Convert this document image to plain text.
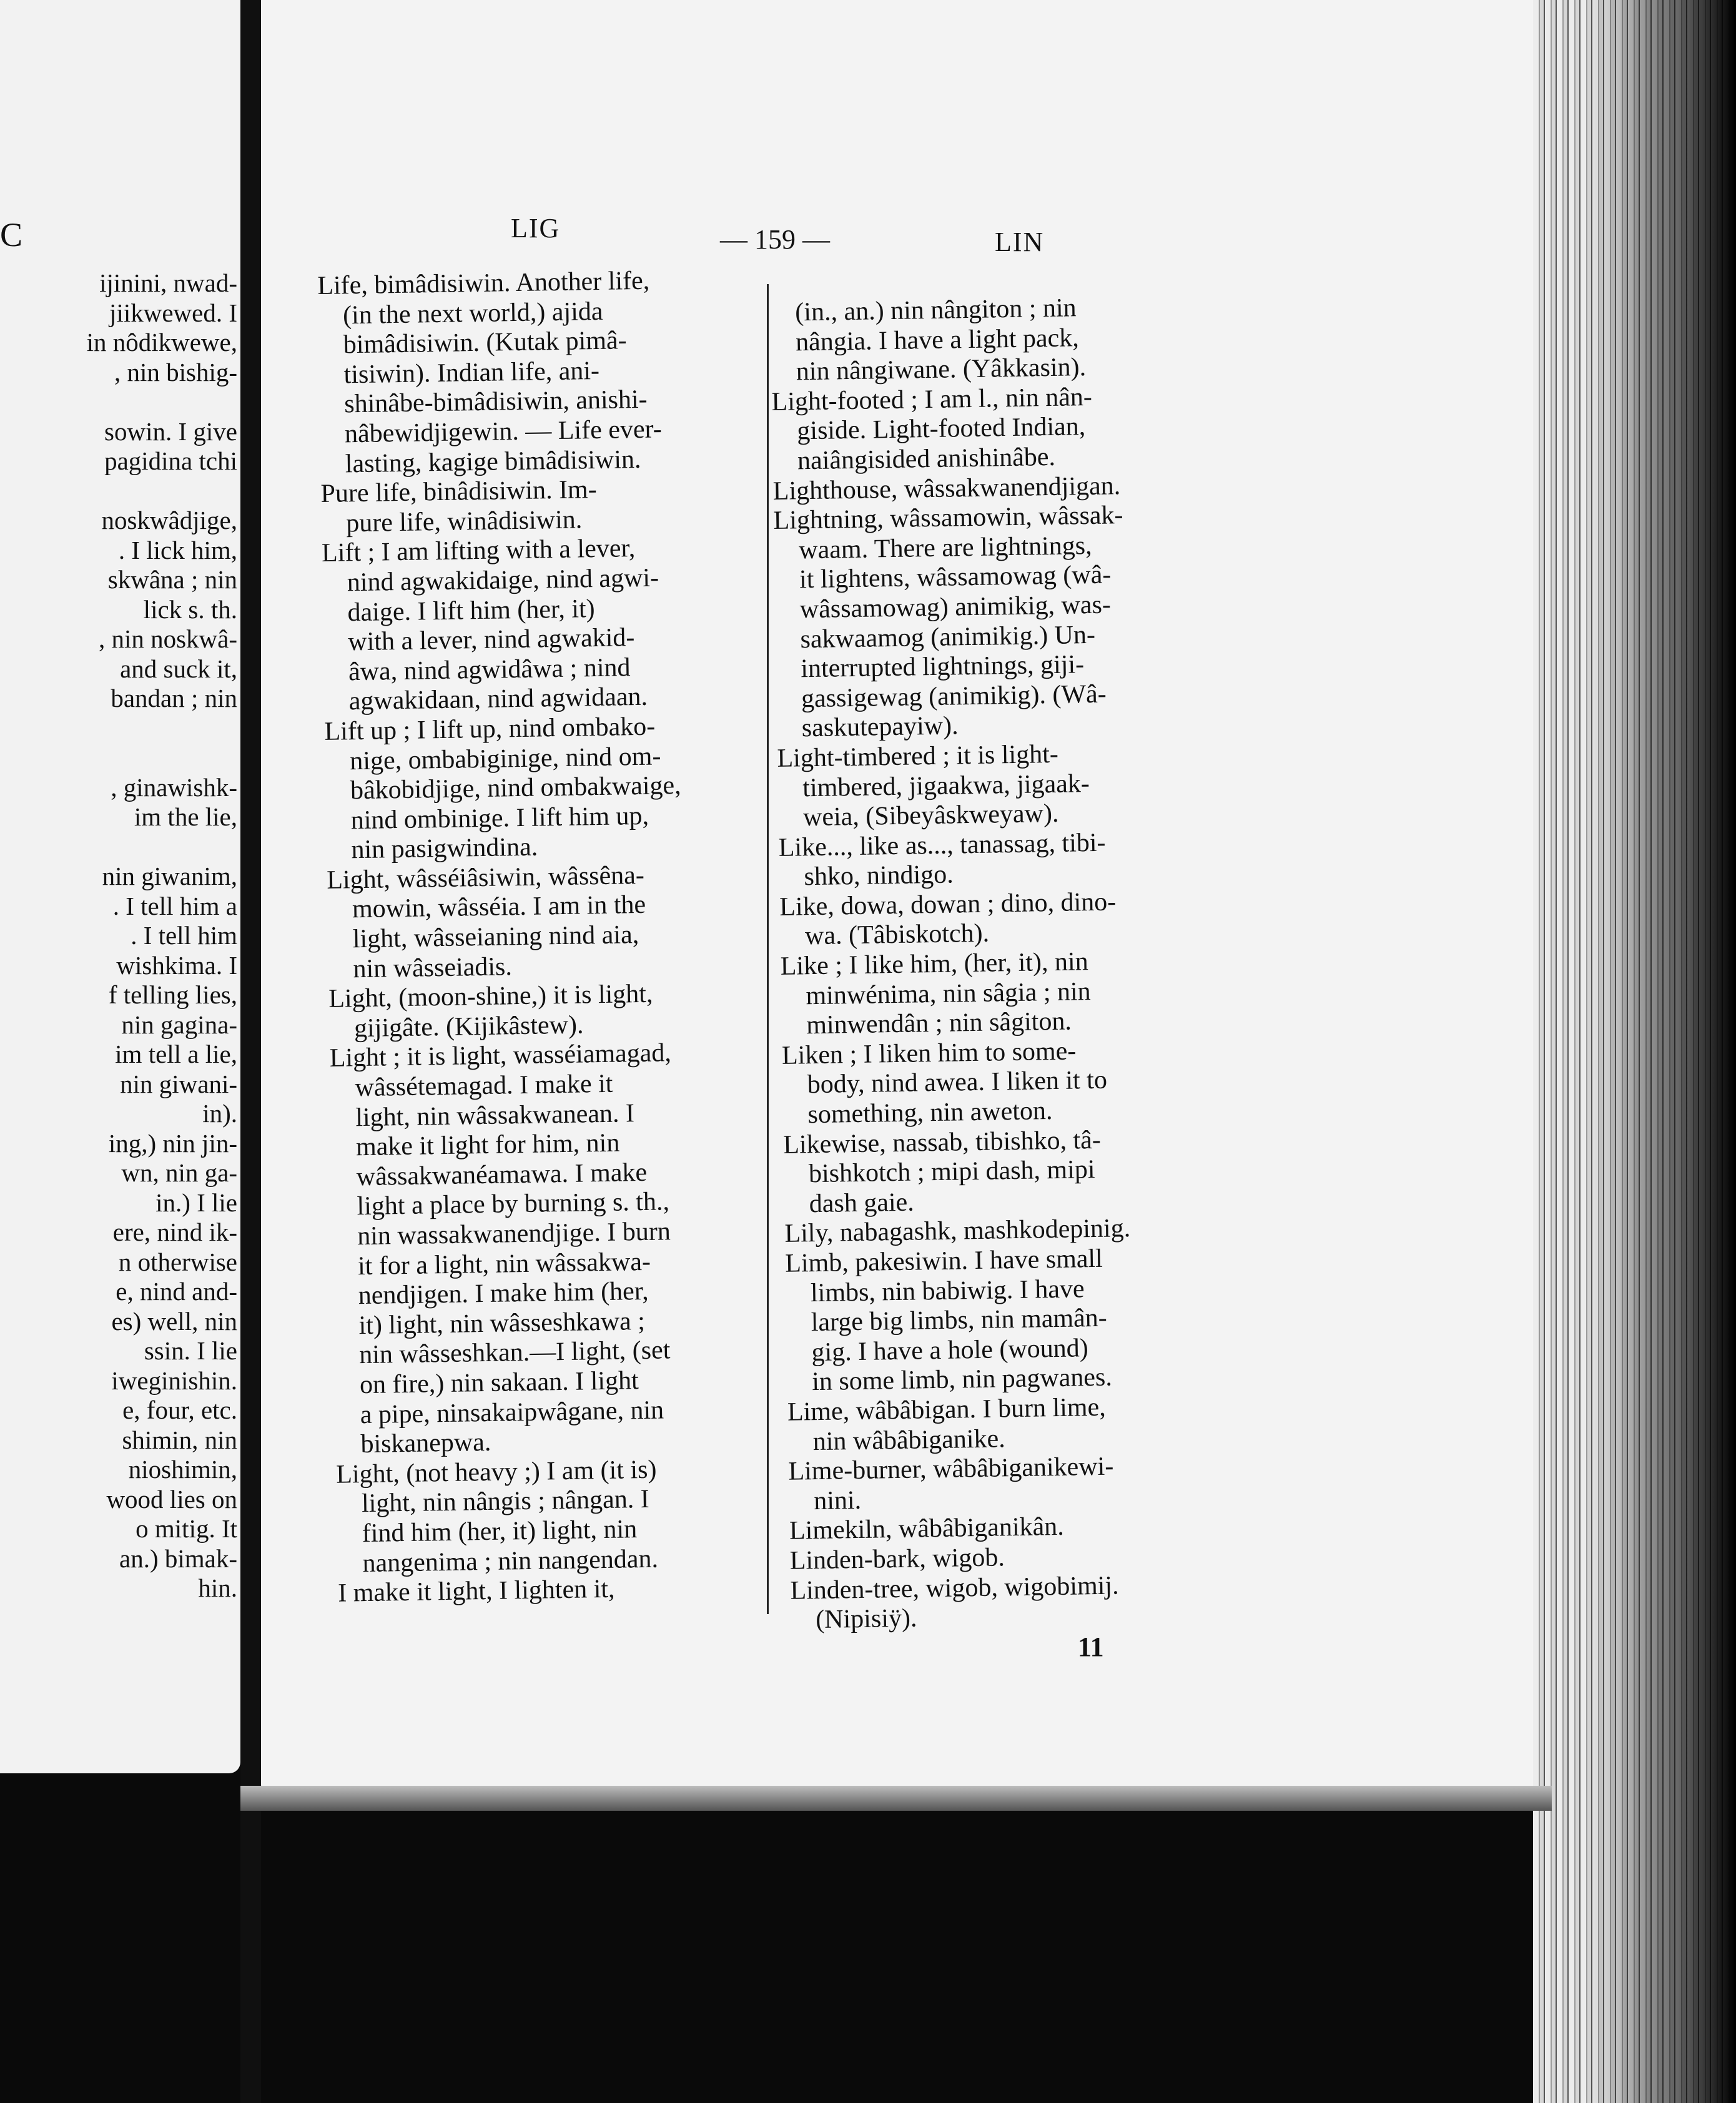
C
ijinini, nwad-
jiikwewed. I
in nôdikwewe,
, nin bishig-
sowin. I give
pagidina tchi
noskwâdjige,
. I lick him,
skwâna ; nin
lick s. th.
, nin noskwâ-
and suck it,
bandan ; nin
, ginawishk-
im the lie,
nin giwanim,
. I tell him a
. I tell him
wishkima. I
f telling lies,
nin gagina-
im tell a lie,
nin giwani-
in).
ing,) nin jin-
wn, nin ga-
in.) I lie
ere, nind ik-
n otherwise
e, nind and-
es) well, nin
ssin. I lie
iweginishin.
e, four, etc.
shimin, nin
nioshimin,
wood lies on
o mitig. It
an.) bimak-
hin.
LIG	— 159 —	LIN
Life, bimâdisiwin. Another life,
(in the next world,) ajida
bimâdisiwin. (Kutak pimâ-
tisiwin). Indian life, ani-
shinâbe-bimâdisiwin, anishi-
nâbewidjigewin. — Life ever-
lasting, kagige bimâdisiwin.
Pure life, binâdisiwin. Im-
pure life, winâdisiwin.
Lift ; I am lifting with a lever,
nind agwakidaige, nind agwi-
daige. I lift him (her, it)
with a lever, nind agwakid-
âwa, nind agwidâwa ; nind
agwakidaan, nind agwidaan.
Lift up ; I lift up, nind ombako-
nige, ombabiginige, nind om-
bâkobidjige, nind ombakwaige,
nind ombinige. I lift him up,
nin pasigwindina.
Light, wâsséiâsiwin, wâssêna-
mowin, wâsséia. I am in the
light, wâsseianing nind aia,
nin wâsseiadis.
Light, (moon-shine,) it is light,
gijigâte. (Kijikâstew).
Light ; it is light, wasséiamagad,
wâssétemagad. I make it
light, nin wâssakwanean. I
make it light for him, nin
wâssakwanéamawa. I make
light a place by burning s. th.,
nin wassakwanendjige. I burn
it for a light, nin wâssakwa-
nendjigen. I make him (her,
it) light, nin wâsseshkawa ;
nin wâsseshkan.—I light, (set
on fire,) nin sakaan. I light
a pipe, ninsakaipwâgane, nin
biskanepwa.
Light, (not heavy ;) I am (it is)
light, nin nângis ; nângan. I
find him (her, it) light, nin
nangenima ; nin nangendan.
I make it light, I lighten it,
(in., an.) nin nângiton ; nin
nângia. I have a light pack,
nin nângiwane. (Yâkkasin).
Light-footed ; I am l., nin nân-
giside. Light-footed Indian,
naiângisided anishinâbe.
Lighthouse, wâssakwanendjigan.
Lightning, wâssamowin, wâssak-
waam. There are lightnings,
it lightens, wâssamowag (wâ-
wâssamowag) animikig, was-
sakwaamog (animikig.) Un-
interrupted lightnings, giji-
gassigewag (animikig). (Wâ-
saskutepayiw).
Light-timbered ; it is light-
timbered, jigaakwa, jigaak-
weia, (Sibeyâskweyaw).
Like..., like as..., tanassag, tibi-
shko, nindigo.
Like, dowa, dowan ; dino, dino-
wa. (Tâbiskotch).
Like ; I like him, (her, it), nin
minwénima, nin sâgia ; nin
minwendân ; nin sâgiton.
Liken ; I liken him to some-
body, nind awea. I liken it to
something, nin aweton.
Likewise, nassab, tibishko, tâ-
bishkotch ; mipi dash, mipi
dash gaie.
Lily, nabagashk, mashkodepinig.
Limb, pakesiwin. I have small
limbs, nin babiwig. I have
large big limbs, nin mamân-
gig. I have a hole (wound)
in some limb, nin pagwanes.
Lime, wâbâbigan. I burn lime,
nin wâbâbiganike.
Lime-burner, wâbâbiganikewi-
nini.
Limekiln, wâbâbiganikân.
Linden-bark, wigob.
Linden-tree, wigob, wigobimij.
(Nipisiÿ).
11
